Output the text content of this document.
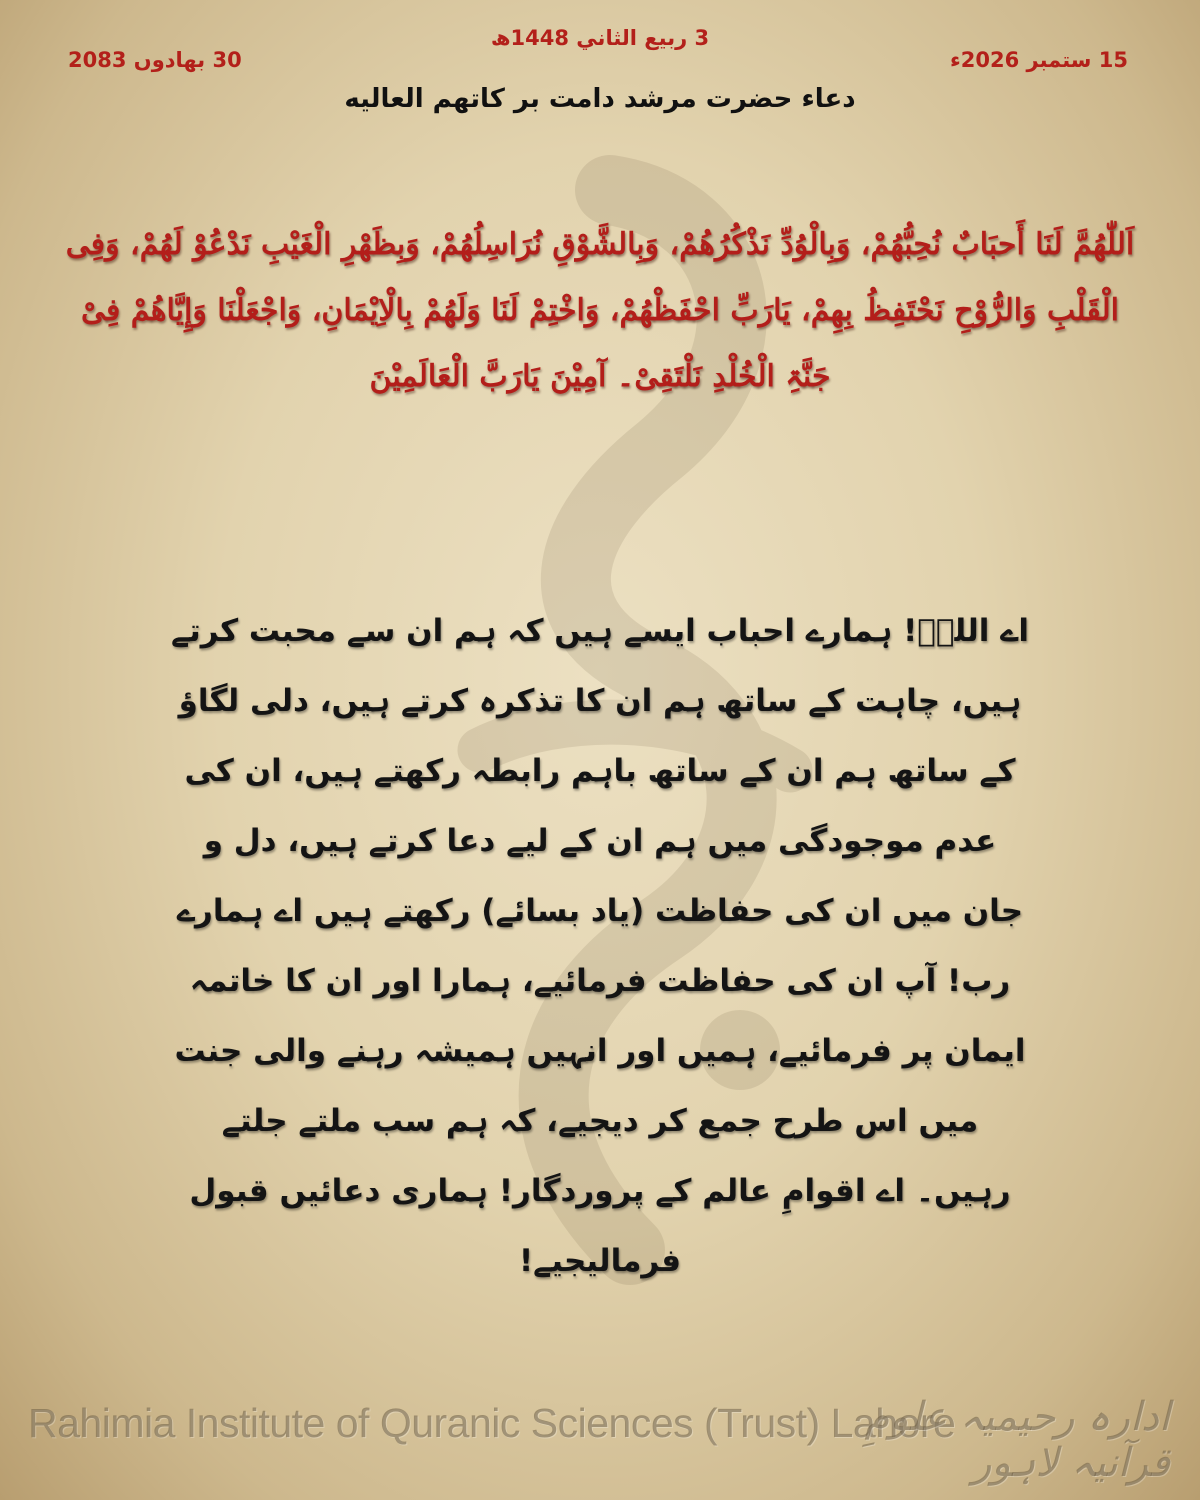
3 ربیع الثاني 1448ھ
30 بھادوں 2083	15 ستمبر 2026ء
دعاء حضرت مرشد دامت بر کاتهم العالیه
اَللّٰھُمَّ لَنَا أَحبَابٌ نُحِبُّھُمْ، وَبِالْوُدِّ نَذْکُرُھُمْ، وَبِالشَّوْقِ نُرَاسِلُھُمْ، وَبِظَھْرِ الْغَیْبِ نَدْعُوْ لَھُمْ، وَفِی الْقَلْبِ وَالرُّوْحِ نَحْتَفِظُ بِھِمْ، یَارَبِّ احْفَظْھُمْ، وَاخْتِمْ لَنَا وَلَھُمْ بِالْاِیْمَانِ، وَاجْعَلْنَا وَإِیَّاھُمْ فِیْ جَنَّۃِ الْخُلْدِ نَلْتَقِیْ۔ آمِیْنَ یَارَبَّ الْعَالَمِیْنَ
اے اللہؐ! ہمارے احباب ایسے ہیں کہ ہم ان سے محبت کرتے ہیں، چاہت کے ساتھ ہم ان کا تذکرہ کرتے ہیں، دلی لگاؤ کے ساتھ ہم ان کے ساتھ باہم رابطہ رکھتے ہیں، ان کی عدم موجودگی میں ہم ان کے لیے دعا کرتے ہیں، دل و جان میں ان کی حفاظت (یاد بسائے) رکھتے ہیں اے ہمارے رب! آپ ان کی حفاظت فرمائیے، ہمارا اور ان کا خاتمہ ایمان پر فرمائیے، ہمیں اور انہیں ہمیشہ رہنے والی جنت میں اس طرح جمع کر دیجیے، کہ ہم سب ملتے جلتے رہیں۔ اے اقوامِ عالم کے پروردگار! ہماری دعائیں قبول فرمالیجیے!
Rahimia Institute of Quranic Sciences (Trust) Lahore
ادارہ رحیمیہ علومِ قرآنیہ لاہور
